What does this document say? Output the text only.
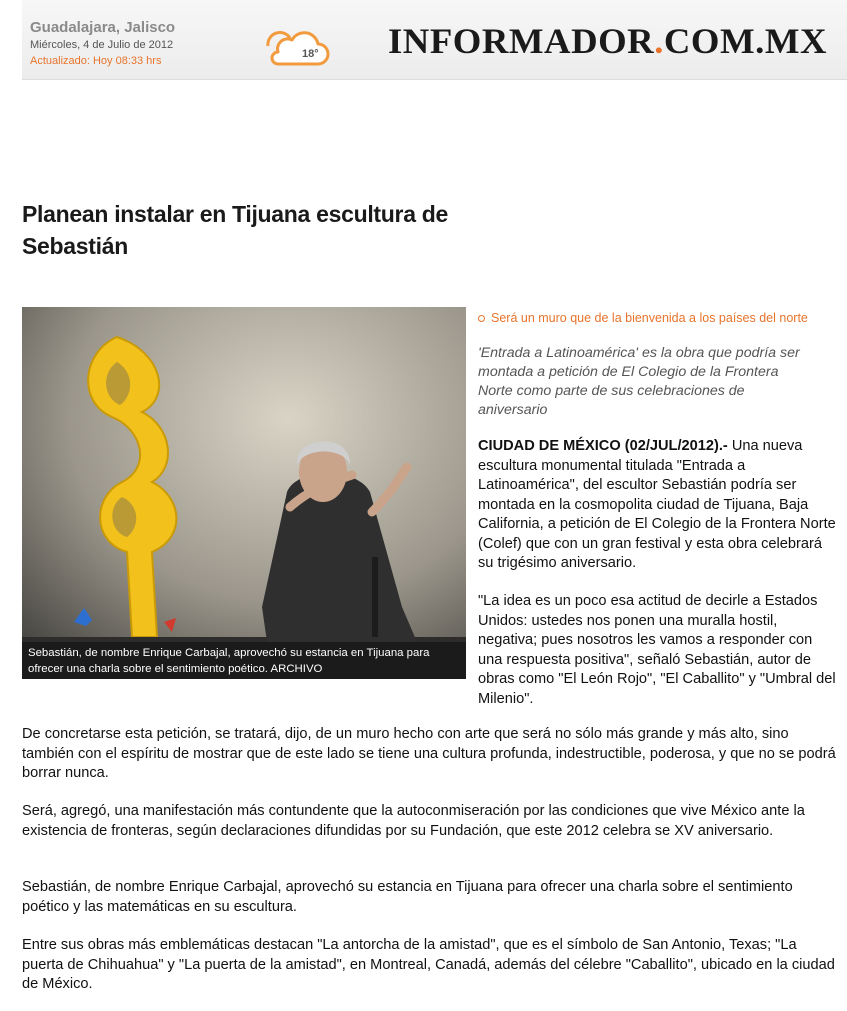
Guadalajara, Jalisco
Miércoles, 4 de Julio de 2012
Actualizado: Hoy 08:33 hrs
18° INFORMADOR.COM.MX
Planean instalar en Tijuana escultura de Sebastián
Sebastián, de nombre Enrique Carbajal, aprovechó su estancia en Tijuana para ofrecer una charla sobre el sentimiento poético. ARCHIVO
Será un muro que de la bienvenida a los países del norte
'Entrada a Latinoamérica' es la obra que podría ser montada a petición de El Colegio de la Frontera Norte como parte de sus celebraciones de aniversario

CIUDAD DE MÉXICO (02/JUL/2012).- Una nueva escultura monumental titulada "Entrada a Latinoamérica", del escultor Sebastián podría ser montada en la cosmopolita ciudad de Tijuana, Baja California, a petición de El Colegio de la Frontera Norte (Colef) que con un gran festival y esta obra celebrará su trigésimo aniversario.

"La idea es un poco esa actitud de decirle a Estados Unidos: ustedes nos ponen una muralla hostil, negativa; pues nosotros les vamos a responder con una respuesta positiva", señaló Sebastián, autor de obras como "El León Rojo", "El Caballito" y "Umbral del Milenio".

De concretarse esta petición, se tratará, dijo, de un muro hecho con arte que será no sólo más grande y más alto, sino también con el espíritu de mostrar que de este lado se tiene una cultura profunda, indestructible, poderosa, y que no se podrá borrar nunca.

Será, agregó, una manifestación más contundente que la autoconmiseración por las condiciones que vive México ante la existencia de fronteras, según declaraciones difundidas por su Fundación, que este 2012 celebra se XV aniversario.

Sebastián, de nombre Enrique Carbajal, aprovechó su estancia en Tijuana para ofrecer una charla sobre el sentimiento poético y las matemáticas en su escultura.

Entre sus obras más emblemáticas destacan "La antorcha de la amistad", que es el símbolo de San Antonio, Texas; "La puerta de Chihuahua" y "La puerta de la amistad", en Montreal, Canadá, además del célebre "Caballito", ubicado en la ciudad de México.
